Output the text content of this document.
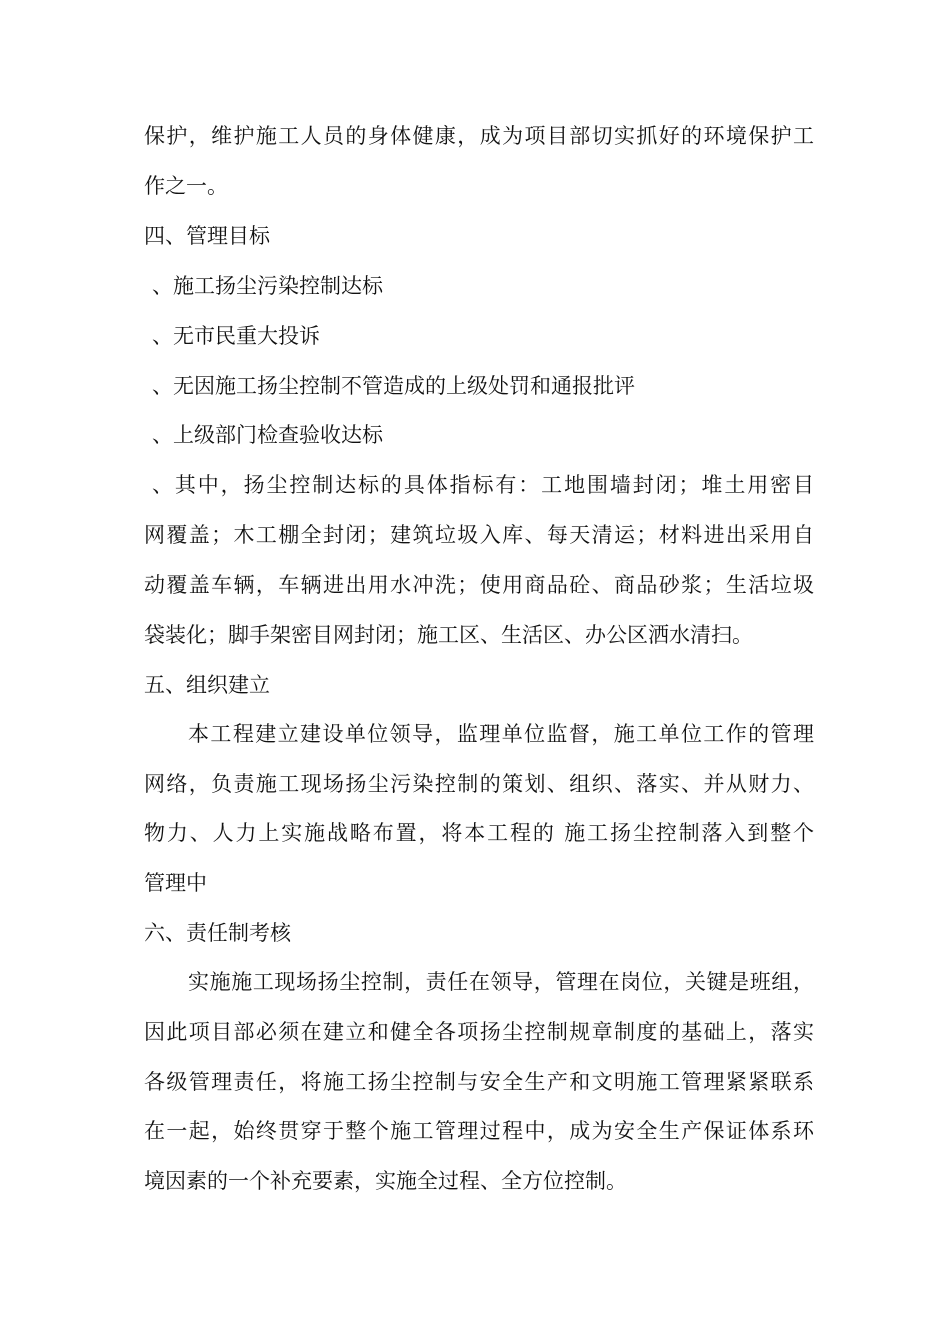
保护，维护施工人员的身体健康，成为项目部切实抓好的环境保护工
作之一。
四、管理目标
、施工扬尘污染控制达标
、无市民重大投诉
、无因施工扬尘控制不管造成的上级处罚和通报批评
、上级部门检查验收达标
、其中，扬尘控制达标的具体指标有：工地围墙封闭；堆土用密目
网覆盖；木工棚全封闭；建筑垃圾入库、每天清运；材料进出采用自
动覆盖车辆，车辆进出用水冲洗；使用商品砼、商品砂浆；生活垃圾
袋装化；脚手架密目网封闭；施工区、生活区、办公区洒水清扫。
五、组织建立
本工程建立建设单位领导，监理单位监督，施工单位工作的管理
网络，负责施工现场扬尘污染控制的策划、组织、落实、并从财力、
物力、人力上实施战略布置，将本工程的 施工扬尘控制落入到整个
管理中
六、责任制考核
实施施工现场扬尘控制，责任在领导，管理在岗位，关键是班组，
因此项目部必须在建立和健全各项扬尘控制规章制度的基础上，落实
各级管理责任，将施工扬尘控制与安全生产和文明施工管理紧紧联系
在一起，始终贯穿于整个施工管理过程中，成为安全生产保证体系环
境因素的一个补充要素，实施全过程、全方位控制。
